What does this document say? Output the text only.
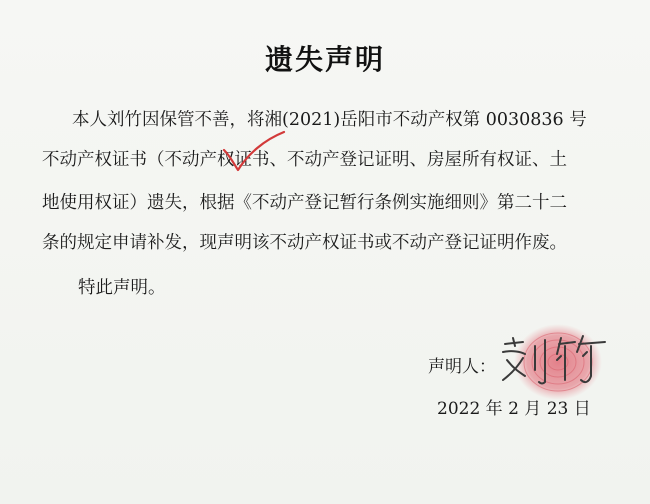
遗失声明
本人刘竹因保管不善，将湘(2021)岳阳市不动产权第 0030836 号
不动产权证书（不动产权证书、不动产登记证明、房屋所有权证、土
地使用权证）遗失，根据《不动产登记暂行条例实施细则》第二十二
条的规定申请补发，现声明该不动产权证书或不动产登记证明作废。
特此声明。
声明人：
2022 年 2 月 23 日
